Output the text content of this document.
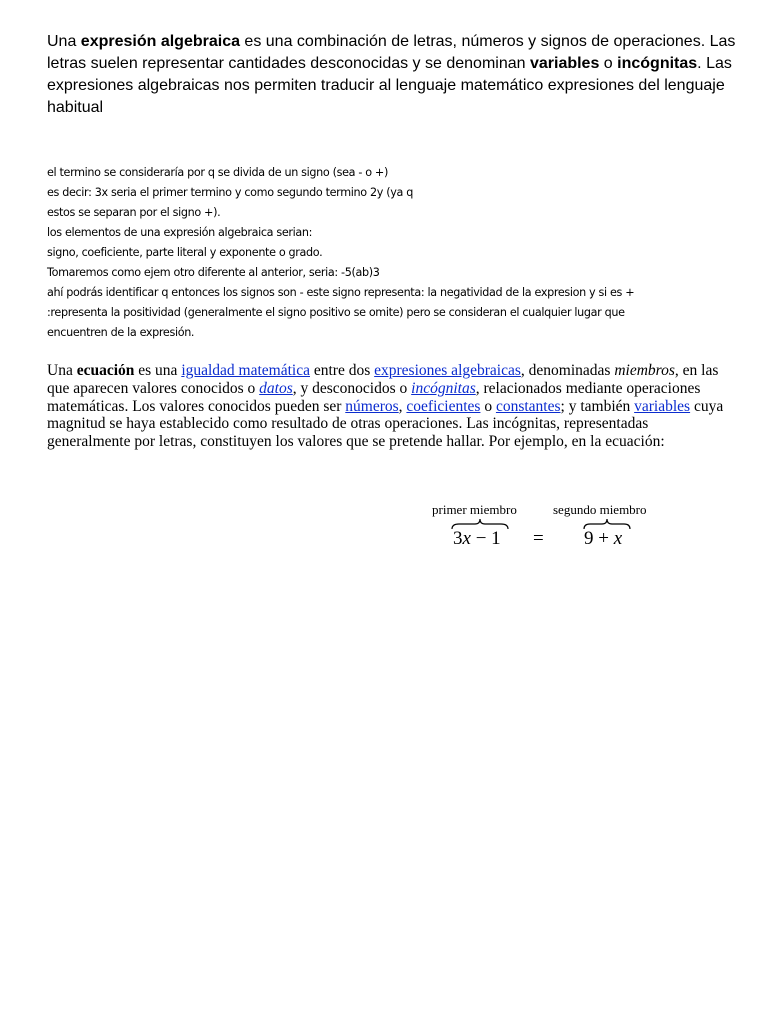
Una expresión algebraica es una combinación de letras, números y signos de operaciones. Las letras suelen representar cantidades desconocidas y se denominan variables o incógnitas. Las expresiones algebraicas nos permiten traducir al lenguaje matemático expresiones del lenguaje habitual

el termino se consideraría por q se divida de un signo (sea - o +)
es decir: 3x seria el primer termino y como segundo termino 2y (ya q
estos se separan por el signo +).
los elementos de una expresión algebraica serian:
signo, coeficiente, parte literal y exponente o grado.
Tomaremos como ejem otro diferente al anterior, seria: -5(ab)3
ahí podrás identificar q entonces los signos son - este signo representa: la negatividad de la expresion y si es +
:representa la positividad (generalmente el signo positivo se omite) pero se consideran el cualquier lugar que
encuentren de la expresión.

Una ecuación es una igualdad matemática entre dos expresiones algebraicas, denominadas miembros, en las que aparecen valores conocidos o datos, y desconocidos o incógnitas, relacionados mediante operaciones matemáticas. Los valores conocidos pueden ser números, coeficientes o constantes; y también variables cuya magnitud se haya establecido como resultado de otras operaciones. Las incógnitas, representadas generalmente por letras, constituyen los valores que se pretende hallar. Por ejemplo, en la ecuación:

primer miembro	segundo miembro
3x − 1 = 9 + x
